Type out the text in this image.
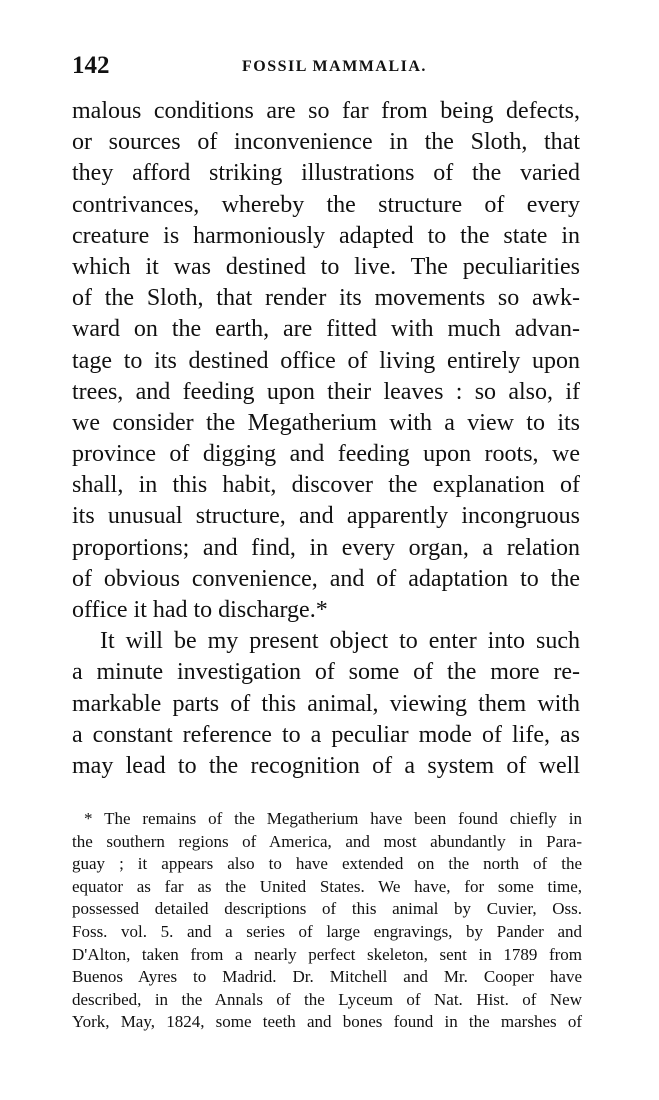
142	FOSSIL MAMMALIA.
malous conditions are so far from being defects,
or sources of inconvenience in the Sloth, that
they afford striking illustrations of the varied
contrivances, whereby the structure of every
creature is harmoniously adapted to the state in
which it was destined to live. The peculiarities
of the Sloth, that render its movements so awk-
ward on the earth, are fitted with much advan-
tage to its destined office of living entirely upon
trees, and feeding upon their leaves : so also, if
we consider the Megatherium with a view to its
province of digging and feeding upon roots, we
shall, in this habit, discover the explanation of
its unusual structure, and apparently incongruous
proportions; and find, in every organ, a relation
of obvious convenience, and of adaptation to the
office it had to discharge.*
It will be my present object to enter into such
a minute investigation of some of the more re-
markable parts of this animal, viewing them with
a constant reference to a peculiar mode of life, as
may lead to the recognition of a system of well
* The remains of the Megatherium have been found chiefly in
the southern regions of America, and most abundantly in Para-
guay ; it appears also to have extended on the north of the
equator as far as the United States. We have, for some time,
possessed detailed descriptions of this animal by Cuvier, Oss.
Foss. vol. 5. and a series of large engravings, by Pander and
D'Alton, taken from a nearly perfect skeleton, sent in 1789 from
Buenos Ayres to Madrid. Dr. Mitchell and Mr. Cooper have
described, in the Annals of the Lyceum of Nat. Hist. of New
York, May, 1824, some teeth and bones found in the marshes of
